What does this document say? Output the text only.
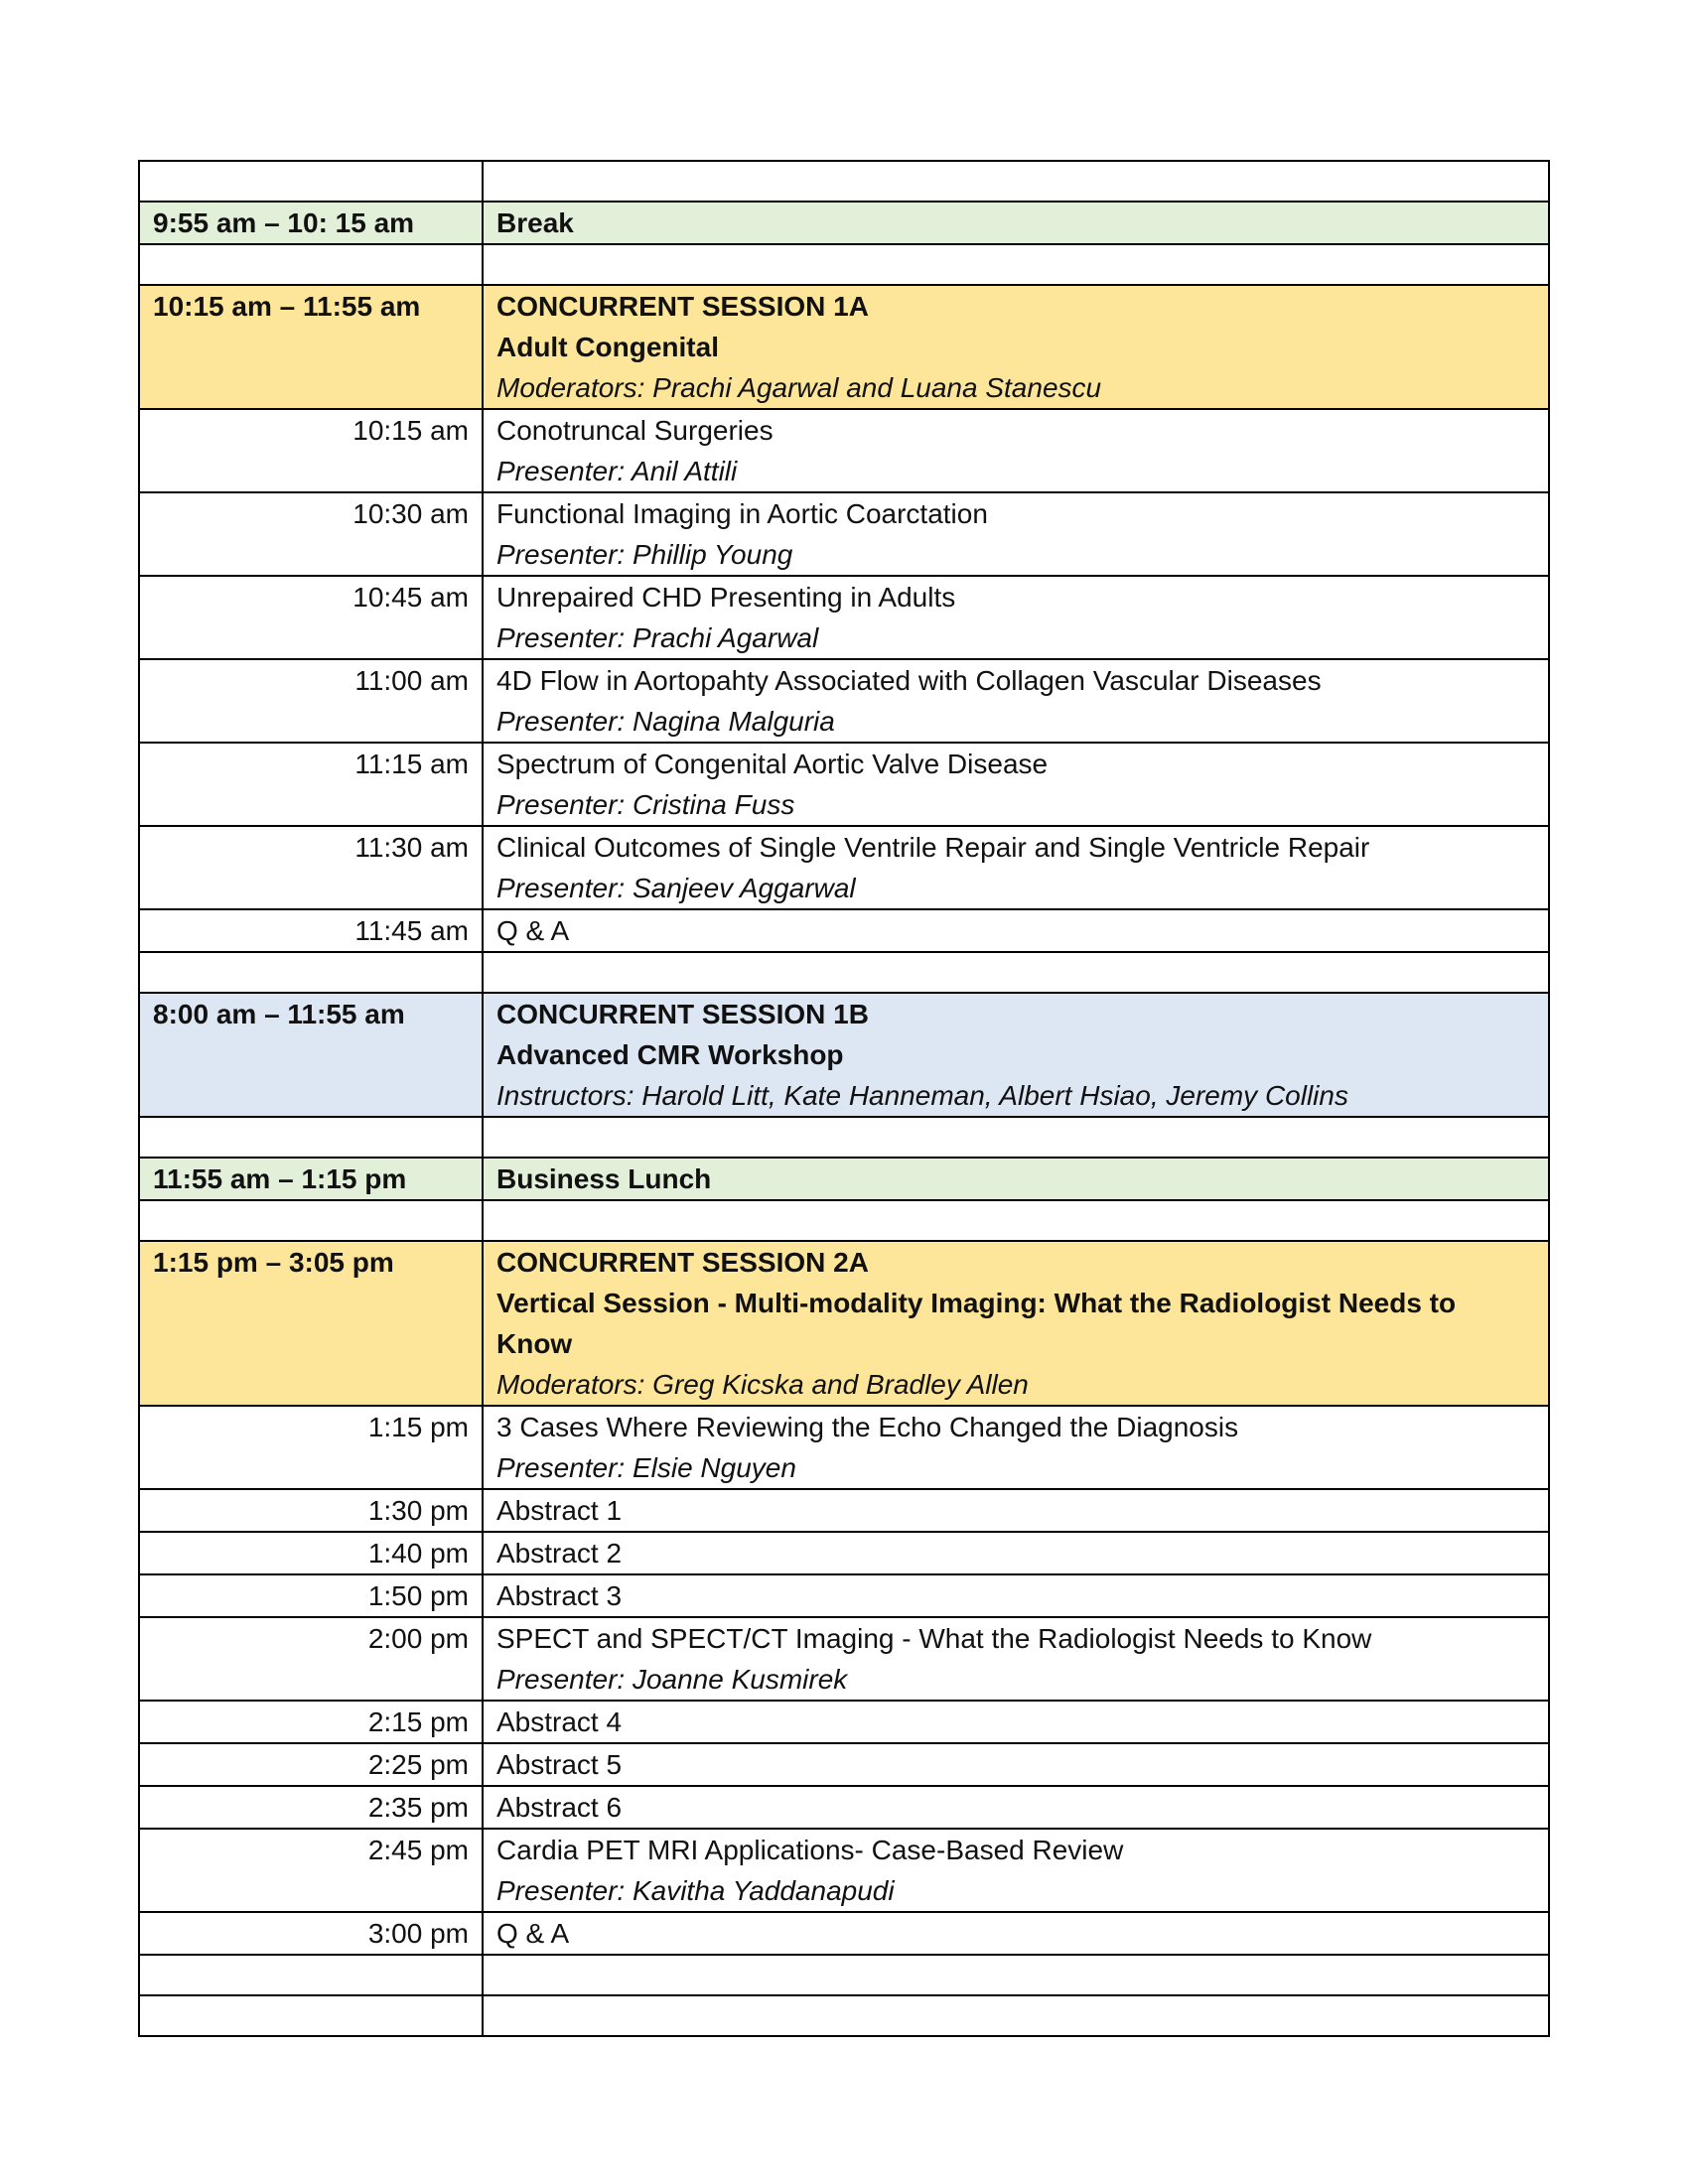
9:55 am – 10: 15 am	Break

10:15 am – 11:55 am	CONCURRENT SESSION 1A
Adult Congenital
Moderators: Prachi Agarwal and Luana Stanescu

10:15 am	Conotruncal Surgeries
Presenter: Anil Attili

10:30 am	Functional Imaging in Aortic Coarctation
Presenter: Phillip Young

10:45 am	Unrepaired CHD Presenting in Adults
Presenter: Prachi Agarwal

11:00 am	4D Flow in Aortopahty Associated with Collagen Vascular Diseases
Presenter: Nagina Malguria

11:15 am	Spectrum of Congenital Aortic Valve Disease
Presenter: Cristina Fuss

11:30 am	Clinical Outcomes of Single Ventrile Repair and Single Ventricle Repair
Presenter: Sanjeev Aggarwal

11:45 am	Q & A

8:00 am – 11:55 am	CONCURRENT SESSION 1B
Advanced CMR Workshop
Instructors: Harold Litt, Kate Hanneman, Albert Hsiao, Jeremy Collins

11:55 am – 1:15 pm	Business Lunch

1:15 pm – 3:05 pm	CONCURRENT SESSION 2A
Vertical Session - Multi-modality Imaging: What the Radiologist Needs to Know
Moderators: Greg Kicska and Bradley Allen

1:15 pm	3 Cases Where Reviewing the Echo Changed the Diagnosis
Presenter: Elsie Nguyen

1:30 pm	Abstract 1

1:40 pm	Abstract 2

1:50 pm	Abstract 3

2:00 pm	SPECT and SPECT/CT Imaging - What the Radiologist Needs to Know
Presenter: Joanne Kusmirek

2:15 pm	Abstract 4

2:25 pm	Abstract 5

2:35 pm	Abstract 6

2:45 pm	Cardia PET MRI Applications- Case-Based Review
Presenter: Kavitha Yaddanapudi

3:00 pm	Q & A
